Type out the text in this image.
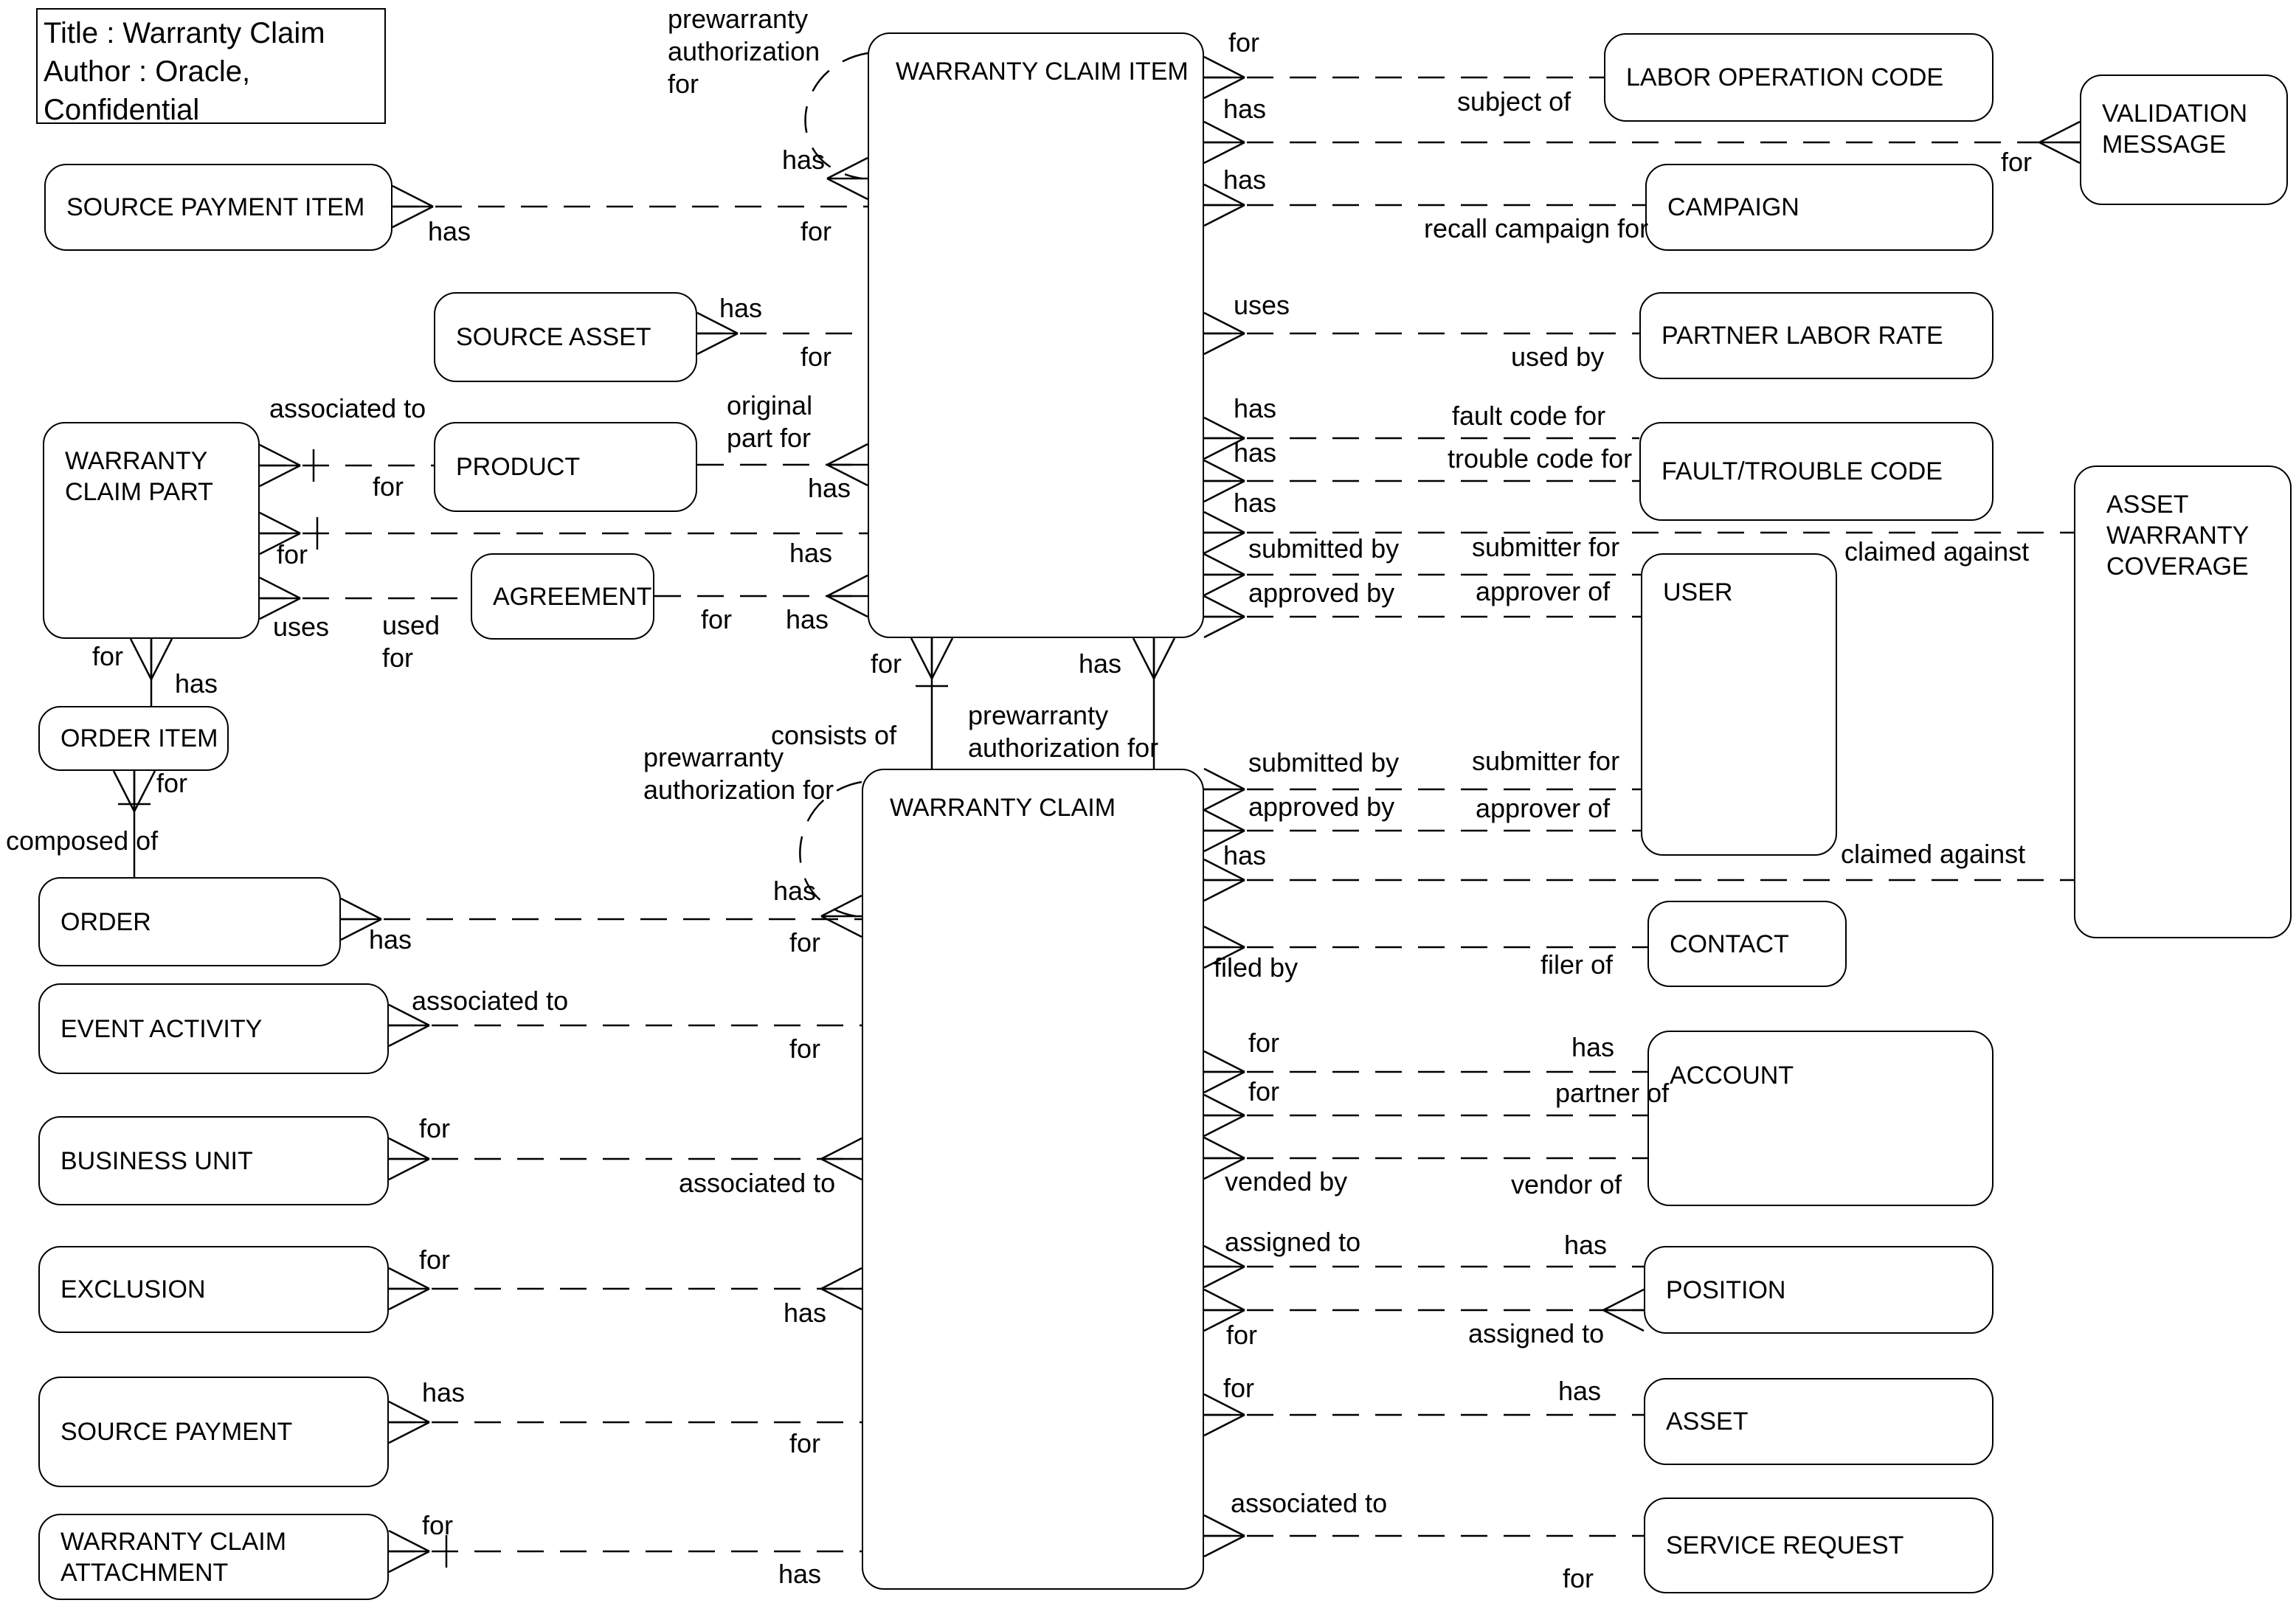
Title : Warranty Claim
Author : Oracle, Confidential
WARRANTY CLAIM ITEM
WARRANTY CLAIM
SOURCE PAYMENT ITEM
SOURCE ASSET
PRODUCT
WARRANTY CLAIM PART
AGREEMENT
ORDER ITEM
ORDER
EVENT ACTIVITY
BUSINESS UNIT
EXCLUSION
SOURCE PAYMENT
WARRANTY CLAIM ATTACHMENT
LABOR OPERATION CODE
VALIDATION MESSAGE
CAMPAIGN
PARTNER LABOR RATE
FAULT/TROUBLE CODE
USER
ASSET WARRANTY COVERAGE
CONTACT
ACCOUNT
POSITION
ASSET
SERVICE REQUEST
prewarranty authorization for
has
has	for
has
for
associated to
for
original part for
has
for	has
uses used for
for has
for
has
for
composed of
for
consists of
has
prewarranty authorization for
prewarranty authorization for
has
has	for
associated to
for
for
associated to
for
has
has
for
for
has
for
subject of
has
for
has
recall campaign for
uses
used by
has	fault code for
has	trouble code for
has
claimed against
submitted by	submitter for
approved by	approver of
submitted by	submitter for
approved by	approver of
has	claimed against
filed by	filer of
for	has
for	partner of
vended by	vendor of
assigned to	has
for	assigned to
for	has
associated to
for
